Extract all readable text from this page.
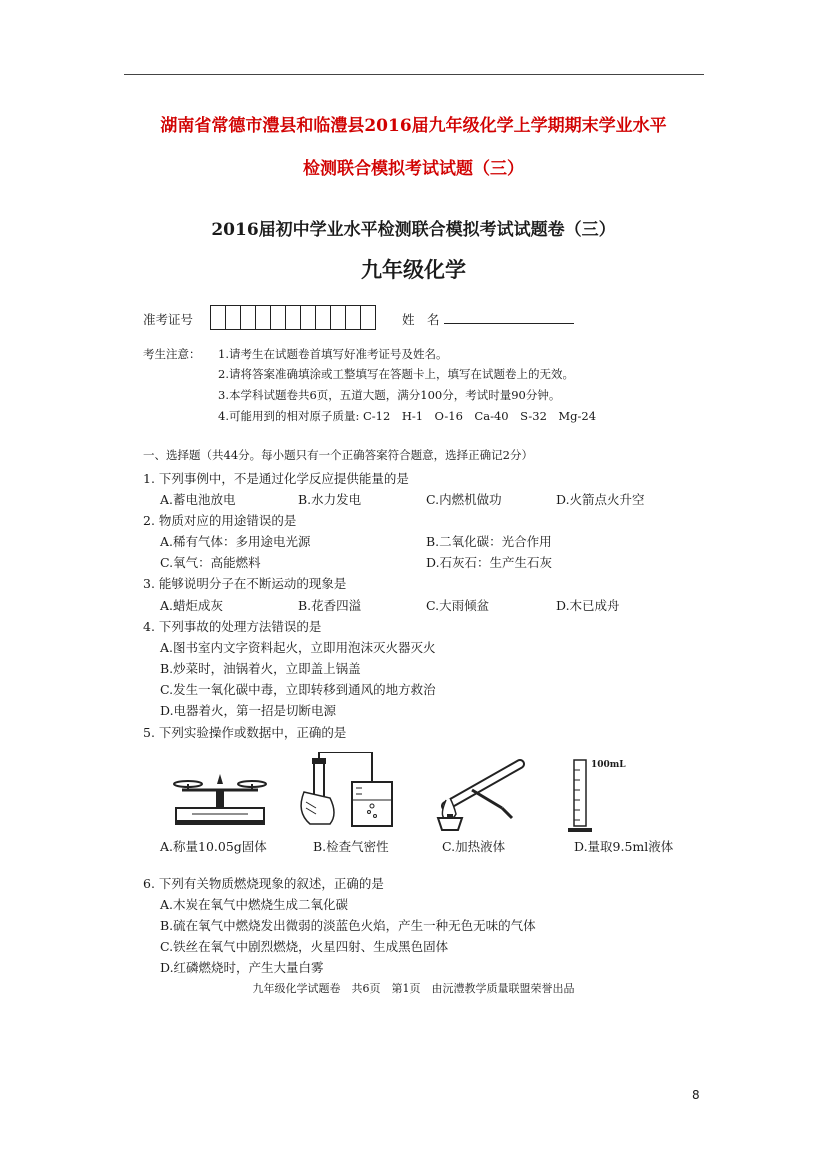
湖南省常德市澧县和临澧县2016届九年级化学上学期期末学业水平
检测联合模拟考试试题（三）
2016届初中学业水平检测联合模拟考试试题卷（三）
九年级化学
准考证号	姓　名
考生注意： 1.请考生在试题卷首填写好准考证号及姓名。
2.请将答案准确填涂或工整填写在答题卡上，填写在试题卷上的无效。
3.本学科试题卷共6页，五道大题，满分100分，考试时量90分钟。
4.可能用到的相对原子质量: C-12　H-1　O-16　Ca-40　S-32　Mg-24
一、选择题（共44分。每小题只有一个正确答案符合题意，选择正确记2分）
1. 下列事例中，不是通过化学反应提供能量的是
A.蓄电池放电	B.水力发电	C.内燃机做功	D.火箭点火升空
2. 物质对应的用途错误的是
A.稀有气体：多用途电光源	B.二氧化碳：光合作用
C.氧气：高能燃料	D.石灰石：生产生石灰
3. 能够说明分子在不断运动的现象是
A.蜡炬成灰	B.花香四溢	C.大雨倾盆	D.木已成舟
4. 下列事故的处理方法错误的是
A.图书室内文字资料起火，立即用泡沫灭火器灭火
B.炒菜时，油锅着火，立即盖上锅盖
C.发生一氧化碳中毒，立即转移到通风的地方救治
D.电器着火，第一招是切断电源
5. 下列实验操作或数据中，正确的是
100mL
A.称量10.05g固体	B.检查气密性	C.加热液体	D.量取9.5ml液体
6. 下列有关物质燃烧现象的叙述，正确的是
A.木炭在氧气中燃烧生成二氧化碳
B.硫在氧气中燃烧发出微弱的淡蓝色火焰，产生一种无色无味的气体
C.铁丝在氧气中剧烈燃烧，火星四射、生成黑色固体
D.红磷燃烧时，产生大量白雾
九年级化学试题卷　共6页　第1页　由沅澧教学质量联盟荣誉出品
8
